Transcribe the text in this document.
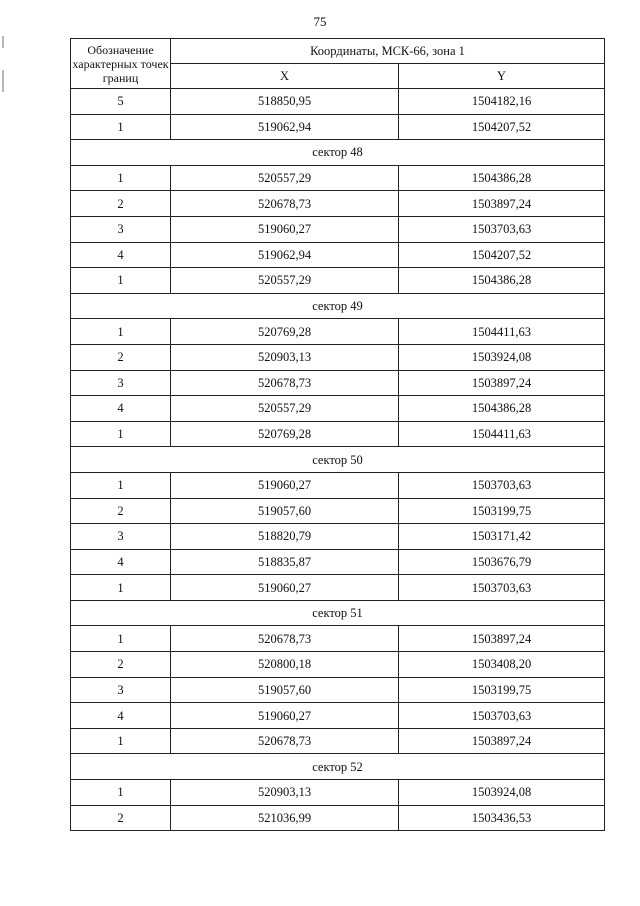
75
Обозначение характерных точек границ	Координаты, МСК-66, зона 1	
	X	Y
5	518850,95	1504182,16
1	519062,94	1504207,52
сектор 48		
1	520557,29	1504386,28
2	520678,73	1503897,24
3	519060,27	1503703,63
4	519062,94	1504207,52
1	520557,29	1504386,28
сектор 49		
1	520769,28	1504411,63
2	520903,13	1503924,08
3	520678,73	1503897,24
4	520557,29	1504386,28
1	520769,28	1504411,63
сектор 50		
1	519060,27	1503703,63
2	519057,60	1503199,75
3	518820,79	1503171,42
4	518835,87	1503676,79
1	519060,27	1503703,63
сектор 51		
1	520678,73	1503897,24
2	520800,18	1503408,20
3	519057,60	1503199,75
4	519060,27	1503703,63
1	520678,73	1503897,24
сектор 52		
1	520903,13	1503924,08
2	521036,99	1503436,53
